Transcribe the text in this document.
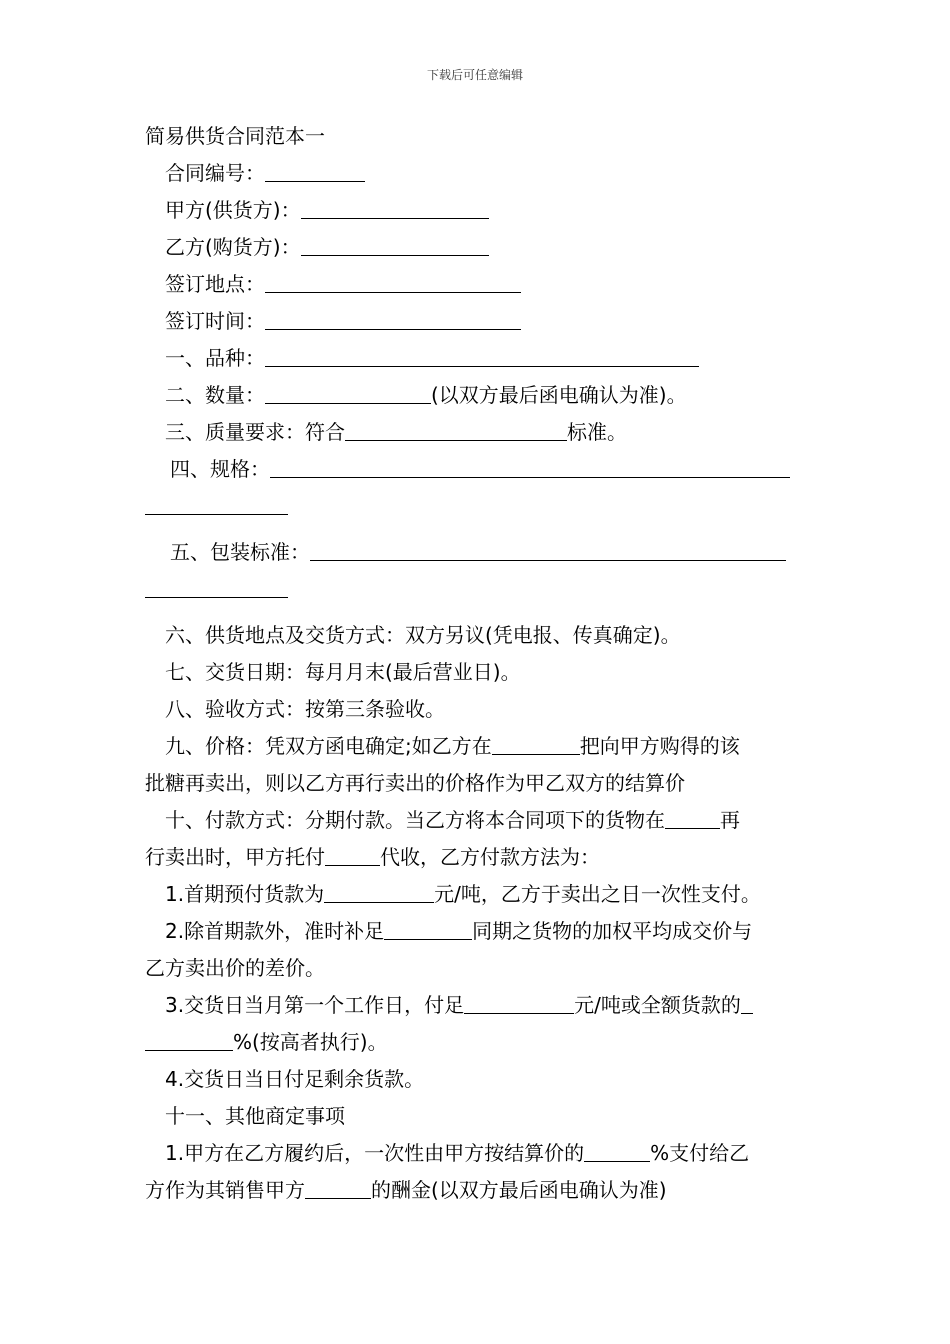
下载后可任意编辑
简易供货合同范本一
合同编号：
甲方(供货方)：
乙方(购货方)：
签订地点：
签订时间：
一、品种：
二、数量：	(以双方最后函电确认为准)。
三、质量要求：符合	标准。
四、规格：
五、包装标准：
六、供货地点及交货方式：双方另议(凭电报、传真确定)。
七、交货日期：每月月末(最后营业日)。
八、验收方式：按第三条验收。
九、价格：凭双方函电确定;如乙方在	把向甲方购得的该
批糖再卖出，则以乙方再行卖出的价格作为甲乙双方的结算价
十、付款方式：分期付款。当乙方将本合同项下的货物在	再
行卖出时，甲方托付	代收，乙方付款方法为：
1.首期预付货款为	元/吨，乙方于卖出之日一次性支付。
2.除首期款外，准时补足	同期之货物的加权平均成交价与
乙方卖出价的差价。
3.交货日当月第一个工作日，付足	元/吨或全额货款的
%(按高者执行)。
4.交货日当日付足剩余货款。
十一、其他商定事项
1.甲方在乙方履约后，一次性由甲方按结算价的	%支付给乙
方作为其销售甲方	的酬金(以双方最后函电确认为准)
